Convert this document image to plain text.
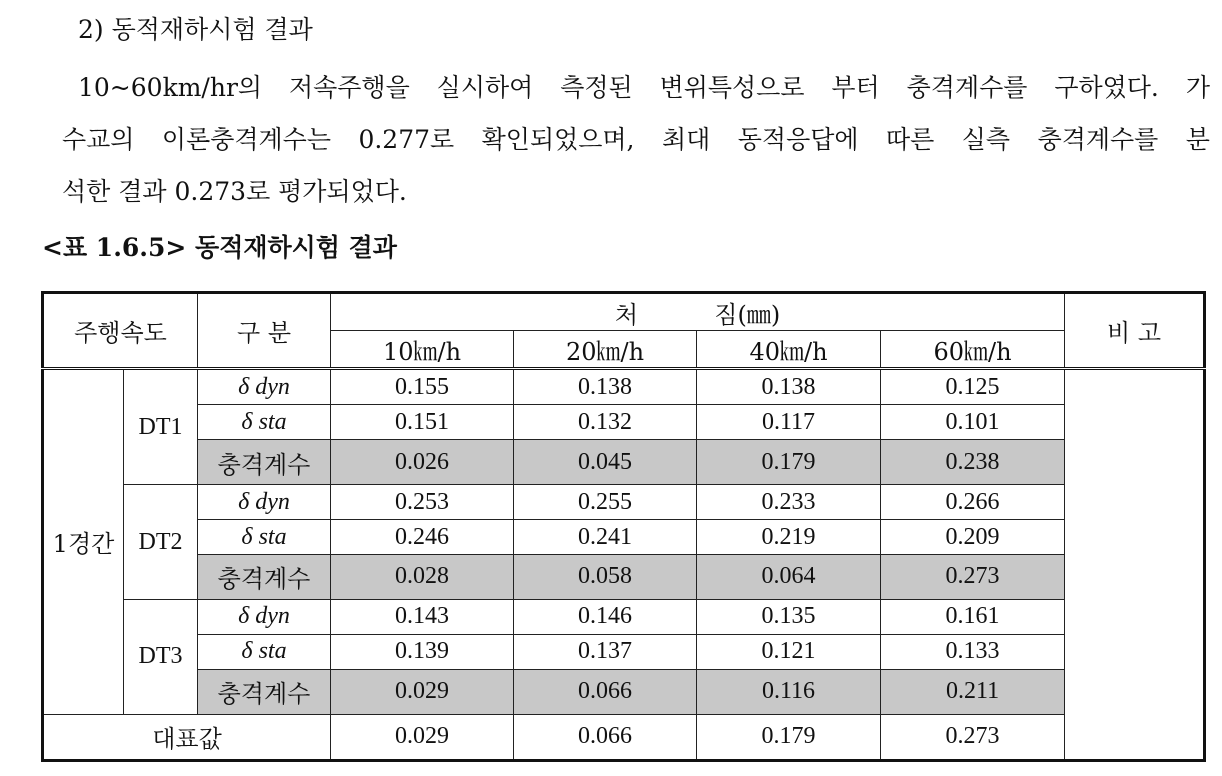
2) 동적재하시험 결과
10~60km/hr의 저속주행을 실시하여 측정된 변위특성으로 부터 충격계수를 구하였다. 가
수교의 이론충격계수는 0.277로 확인되었으며, 최대 동적응답에 따른 실측 충격계수를 분
석한 결과 0.273로 평가되었다.
<표 1.6.5> 동적재하시험 결과
주행속도		구 분	처          짐(㎜)				비 고
			10㎞/h	20㎞/h	40㎞/h	60㎞/h	
1경간	DT1	δ dyn	0.155	0.138	0.138	0.125	
		δ sta	0.151	0.132	0.117	0.101	
		충격계수	0.026	0.045	0.179	0.238	
	DT2	δ dyn	0.253	0.255	0.233	0.266	
		δ sta	0.246	0.241	0.219	0.209	
		충격계수	0.028	0.058	0.064	0.273	
	DT3	δ dyn	0.143	0.146	0.135	0.161	
		δ sta	0.139	0.137	0.121	0.133	
		충격계수	0.029	0.066	0.116	0.211	
대표값			0.029	0.066	0.179	0.273	
